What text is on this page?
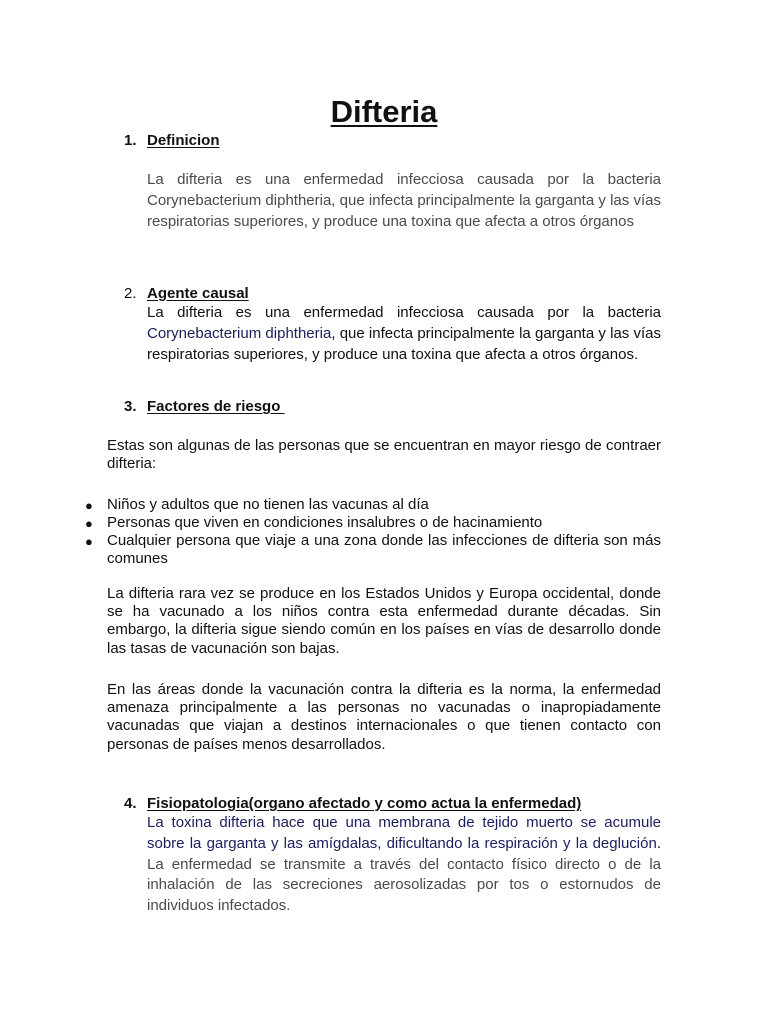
Difteria
1. Definicion
La difteria es una enfermedad infecciosa causada por la bacteria Corynebacterium diphtheria, que infecta principalmente la garganta y las vías respiratorias superiores, y produce una toxina que afecta a otros órganos
2. Agente causal
La difteria es una enfermedad infecciosa causada por la bacteria Corynebacterium diphtheria, que infecta principalmente la garganta y las vías respiratorias superiores, y produce una toxina que afecta a otros órganos.
3. Factores de riesgo
Estas son algunas de las personas que se encuentran en mayor riesgo de contraer difteria:
● Niños y adultos que no tienen las vacunas al día
● Personas que viven en condiciones insalubres o de hacinamiento
● Cualquier persona que viaje a una zona donde las infecciones de difteria son más comunes
La difteria rara vez se produce en los Estados Unidos y Europa occidental, donde se ha vacunado a los niños contra esta enfermedad durante décadas. Sin embargo, la difteria sigue siendo común en los países en vías de desarrollo donde las tasas de vacunación son bajas.
En las áreas donde la vacunación contra la difteria es la norma, la enfermedad amenaza principalmente a las personas no vacunadas o inapropiadamente vacunadas que viajan a destinos internacionales o que tienen contacto con personas de países menos desarrollados.
4. Fisiopatologia(organo afectado y como actua la enfermedad)
La toxina difteria hace que una membrana de tejido muerto se acumule sobre la garganta y las amígdalas, dificultando la respiración y la deglución. La enfermedad se transmite a través del contacto físico directo o de la inhalación de las secreciones aerosolizadas por tos o estornudos de individuos infectados.
